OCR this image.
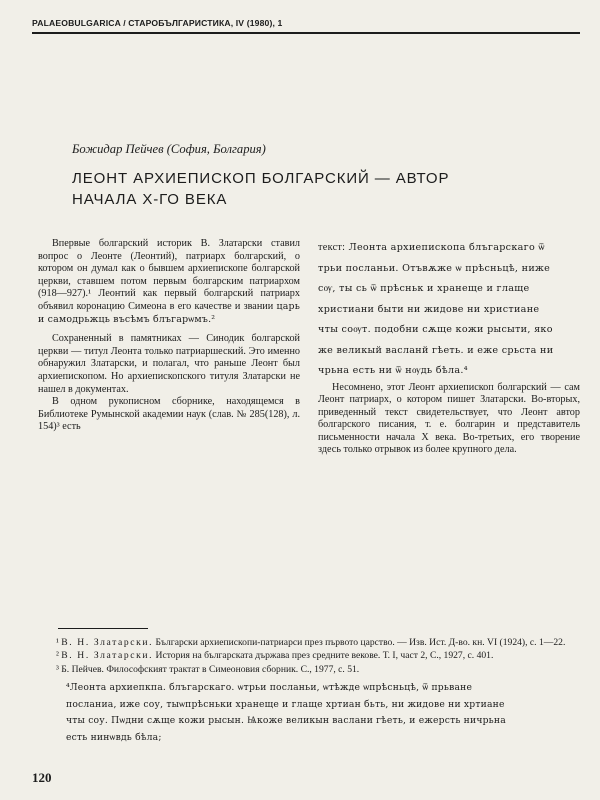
PALAEOBULGARICA / СТАРОБЪЛГАРИСТИКА, IV (1980), 1
Божидар Пейчев (София, Болгария)
ЛЕОНТ АРХИЕПИСКОП БОЛГАРСКИЙ — АВТОР НАЧАЛА Х-ГО ВЕКА

Впервые болгарский историк В. Златарски ставил вопрос о Леонте (Леонтий), патриарх болгарский, о котором он думал как о бывшем архиепископе болгарской церкви, ставшем потом первым болгарским патриархом (918—927).¹ Леонтий как первый болгарский патриарх объявил коронацию Симеона в его качестве и звании царь и самодрьжць въсѣмъ блъгарѡмъ.²

Сохраненный в памятниках — Синодик болгарской церкви — титул Леонта только патриаршеский. Это именно обнаружил Златарски, и полагал, что раньше Леонт был архиепископом. Но архиепископского титуля Златарски не нашел в документах.

В одном рукописном сборнике, находящемся в Библиотеке Румынской академии наук (слав. № 285(128), л. 154)³ есть

текст: Леонта архиепископа блъгарскаго ѿ
трьи посланьи. Отъвѫже ѡ прѣсньцѣ, ниже
сѹ, ты сь ѿ прѣсньк и хранеще и глаще
христиани быти ни жидове ни христиане
чты соѹт. подобни сѫще кожи рысыти, яко
же великый васланй гѣеть. и еже срьста ни
чрьна есть ни ѿ нѹдь бѣла.⁴

Несомнено, этот Леонт архиепископ болгарский — сам Леонт патриарх, о котором пишет Златарски. Во-вторых, приведенный текст свидетельствует, что Леонт автор болгарского писания, т. е. болгарин и представитель письменности начала Х века. Во-третьих, его творение здесь только отрывок из более крупного дела.

¹ В. Н. Златарски. Български архиепископи-патриарси през първото царство. — Изв. Ист. Д-во. кн. VI (1924), с. 1—22.

² В. Н. Златарски. История на българската държава през средните векове. Т. I, част 2, С., 1927, с. 401.

³ Б. Пейчев. Философският трактат в Симеоновия сборник. С., 1977, с. 51.

⁴Леонта архиепкпа. блъгарскаго. ѡтрьи посланьи, ѡтѣжде ѡпрѣсньцѣ, ѿ прьване
посланиа, иже соу, тыѡпрѣсньки хранеще и глаще хртиан бьть, ни жидове ни хртиане
чты соу. Пѡдни сѫще кожи рысын. Ѩкоже великын васлани гѣеть, и ежерсть ничрьна
есть нинѡвдь бѣла;
120
